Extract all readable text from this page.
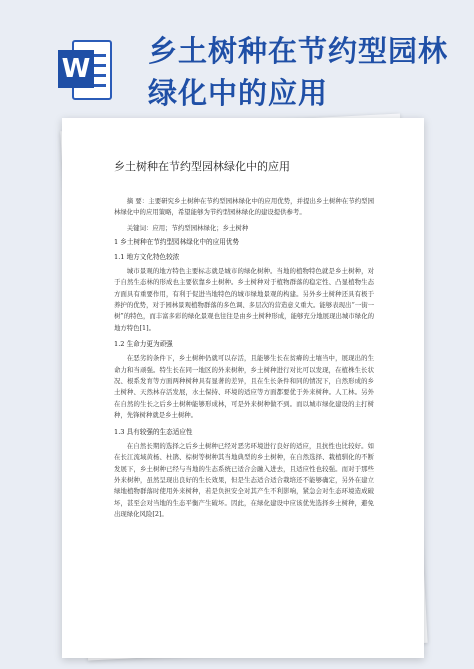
W
乡土树种在节约型园林
绿化中的应用
乡土树种在节约型园林绿化中的应用

摘 要：主要研究乡土树种在节约型园林绿化中的应用优势，并提出乡土树种在节约型园林绿化中的应用策略，希望能够为节约型园林绿化的建设提供参考。

关键词：应用；节约型园林绿化；乡土树种

1 乡土树种在节约型园林绿化中的应用优势
1.1 地方文化特色较浓

城市景观的地方特色主要标志就是城市的绿化树种。当地的植物特色就是乡土树种，对于自然生态林的形成也主要依靠乡土树种。乡土树种对于植物群落的稳定性、凸显植物生态方面具有重要作用，有利于促进当地特色的城市绿地景观的构建。另外乡土树种还具有极于养护的优势，对于园林景观植物群落的多色调、多层次的营造意义重大。能够表现出“一街一树”的特色，而丰富多彩的绿化景观也往往是由乡土树种形成，能够充分地展现出城市绿化的地方特色[1]。

1.2 生命力更为顽强

在恶劣的条件下，乡土树种仍就可以存活，且能够生长在贫瘠的土壤当中，展现出的生命力和当顽强。特生长在同一地区的外来树种，乡土树种进行对比可以发现，在植株生长状况、根系发育等方面两种树种具有显著的差异，且在生长条件和同的情况下，自然形成的乡土树种、天然林存活发展，水土保持、环境的适应等方面都要优于外来树种。人工林。另外在自然的生长之后乡土树种能够形成林，可是外来树种做不到。而以城市绿化建设的主打树种，先锋树种就是乡土树种。

1.3 具有较强的生态适应性

在自然长期的选择之后乡土树种已经对恶劣环境进行良好的适应，且抗性也比较好。如在长江流域黄杨、杜鹃、棕树等树种其当地典型的乡土树种，在自然选择、栽植驯化的不断发展下，乡土树种已经与当地的生态系统已适合会融入进去，且适应性也较强。而对于那些外来树种，虽然呈现出良好的生长效果，但是生态适合适合栽培还不能够确定，另外在建立绿地植物群落时使用外来树种，若是负担安全对其产生不利影响，紧急会对生态环境造成破坏，甚至会对当地的生态平衡产生破坏。因此，在绿化建设中应该优先选择乡土树种，避免出现绿化风险[2]。
